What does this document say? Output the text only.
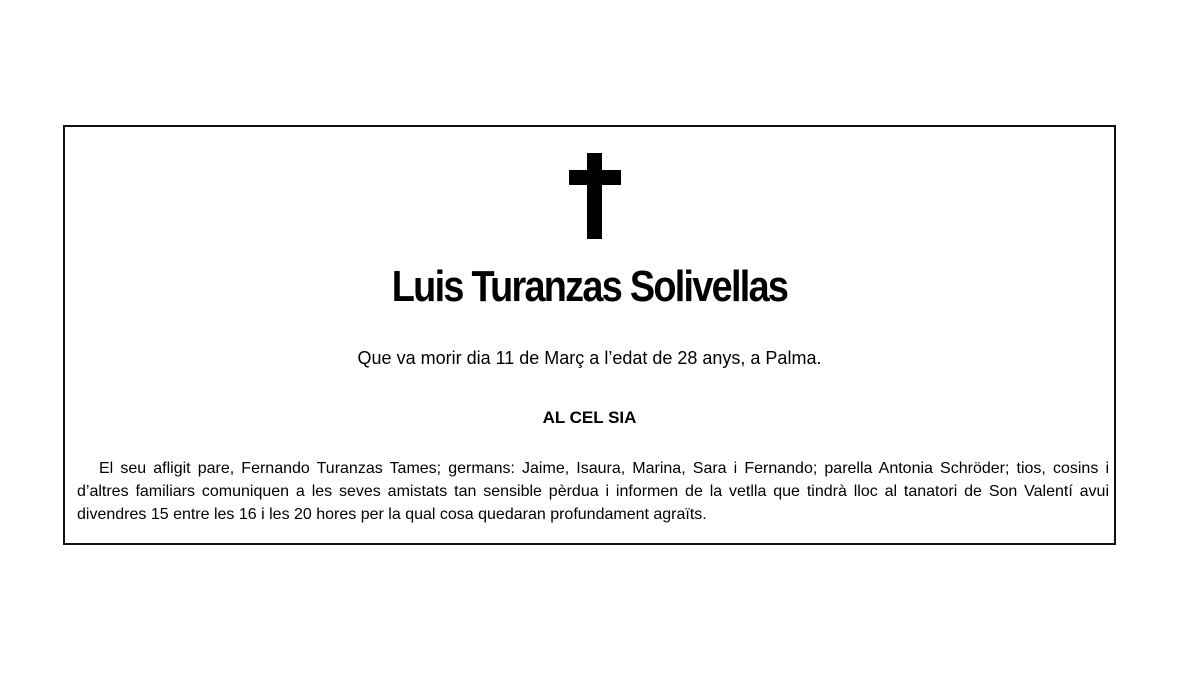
Luis Turanzas Solivellas
Que va morir dia 11 de Març a l’edat de 28 anys, a Palma.
AL CEL SIA

El seu afligit pare, Fernando Turanzas Tames; germans: Jaime, Isaura, Marina, Sara i Fernando; parella Antonia Schröder; tios, cosins i d’altres familiars comuniquen a les seves amistats tan sensible pèrdua i informen de la vetlla que tindrà lloc al tanatori de Son Valentí avui divendres 15 entre les 16 i les 20 hores per la qual cosa quedaran profundament agraïts.
